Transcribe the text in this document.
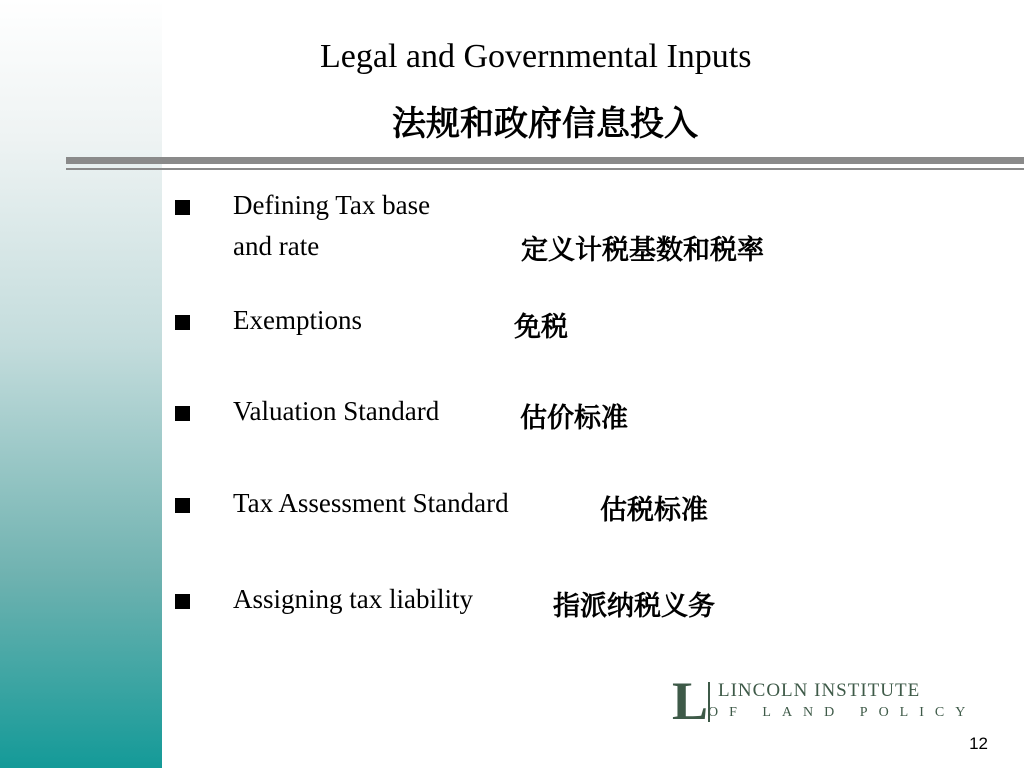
Legal and Governmental Inputs
法规和政府信息投入
Defining Tax base
and rate	定义计税基数和税率
Exemptions	免税
Valuation Standard	估价标准
Tax Assessment Standard	估税标准
Assigning tax liability	指派纳税义务
L LINCOLN INSTITUTE
OF LAND POLICY
12
